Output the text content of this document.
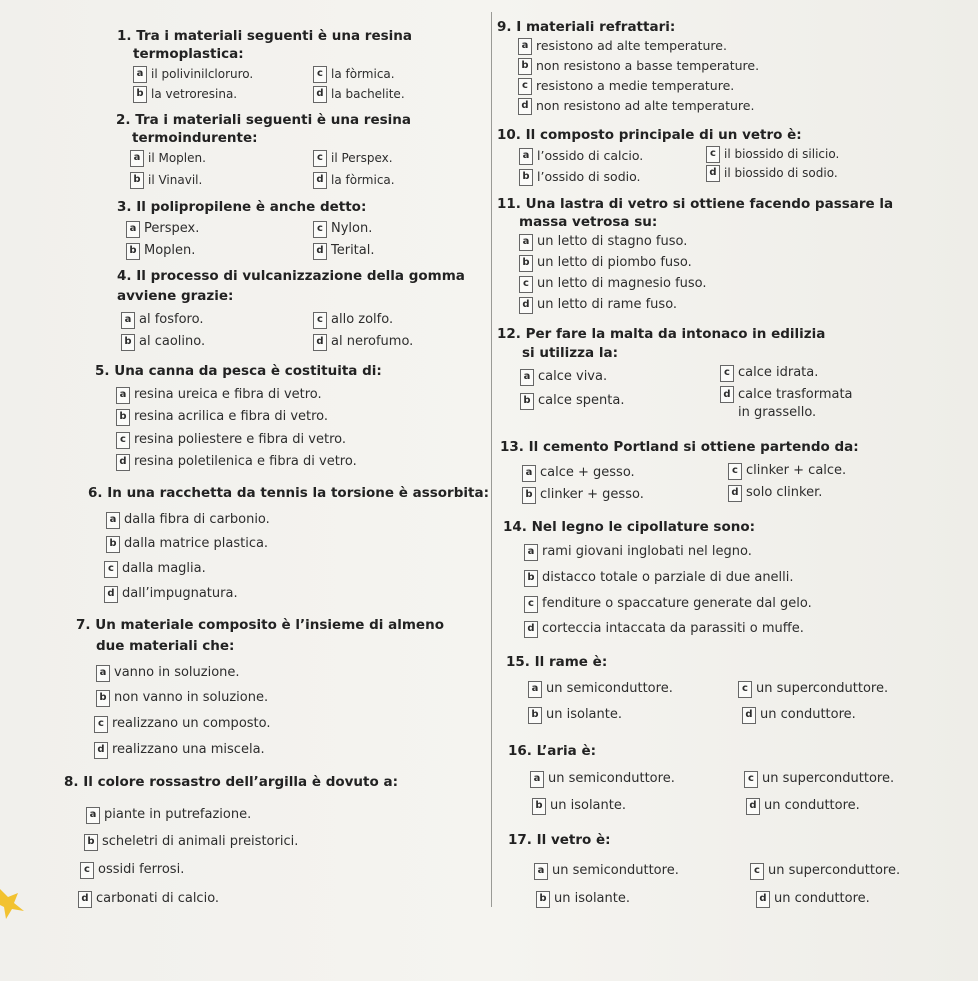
1. Tra i materiali seguenti è una resina
termoplastica:
a il polivinilcloruro.
b la vetroresina.
c la fòrmica.
d la bachelite.
2. Tra i materiali seguenti è una resina
termoindurente:
a il Moplen.
b il Vinavil.
c il Perspex.
d la fòrmica.
3. Il polipropilene è anche detto:
a Perspex.
b Moplen.
c Nylon.
d Terital.
4. Il processo di vulcanizzazione della gomma
avviene grazie:
a al fosforo.
b al caolino.
c allo zolfo.
d al nerofumo.
5. Una canna da pesca è costituita di:
a resina ureica e fibra di vetro.
b resina acrilica e fibra di vetro.
c resina poliestere e fibra di vetro.
d resina poletilenica e fibra di vetro.
6. In una racchetta da tennis la torsione è assorbita:
a dalla fibra di carbonio.
b dalla matrice plastica.
c dalla maglia.
d dall’impugnatura.
7. Un materiale composito è l’insieme di almeno
due materiali che:
a vanno in soluzione.
b non vanno in soluzione.
c realizzano un composto.
d realizzano una miscela.
8. Il colore rossastro dell’argilla è dovuto a:
a piante in putrefazione.
b scheletri di animali preistorici.
c ossidi ferrosi.
d carbonati di calcio.
9. I materiali refrattari:
a resistono ad alte temperature.
b non resistono a basse temperature.
c resistono a medie temperature.
d non resistono ad alte temperature.
10. Il composto principale di un vetro è:
a l’ossido di calcio.
b l’ossido di sodio.
c il biossido di silicio.
d il biossido di sodio.
11. Una lastra di vetro si ottiene facendo passare la
massa vetrosa su:
a un letto di stagno fuso.
b un letto di piombo fuso.
c un letto di magnesio fuso.
d un letto di rame fuso.
12. Per fare la malta da intonaco in edilizia
si utilizza la:
a calce viva.
b calce spenta.
c calce idrata.
d calce trasformata
in grassello.
13. Il cemento Portland si ottiene partendo da:
a calce + gesso.
b clinker + gesso.
c clinker + calce.
d solo clinker.
14. Nel legno le cipollature sono:
a rami giovani inglobati nel legno.
b distacco totale o parziale di due anelli.
c fenditure o spaccature generate dal gelo.
d corteccia intaccata da parassiti o muffe.
15. Il rame è:
a un semiconduttore.
b un isolante.
c un superconduttore.
d un conduttore.
16. L’aria è:
a un semiconduttore.
b un isolante.
c un superconduttore.
d un conduttore.
17. Il vetro è:
a un semiconduttore.
b un isolante.
c un superconduttore.
d un conduttore.
